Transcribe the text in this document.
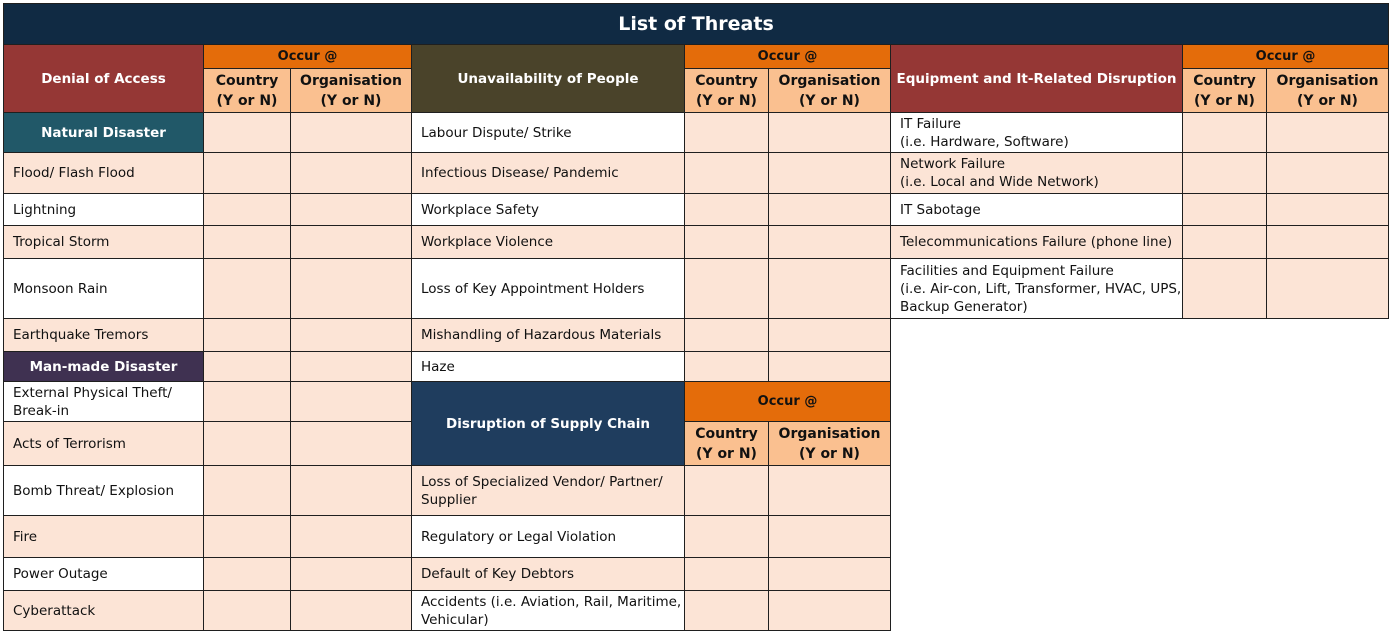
List of Threats
Denial of Access
Occur @
Country
(Y or N)
Organisation
(Y or N)
Unavailability of People
Occur @
Country
(Y or N)
Organisation
(Y or N)
Equipment and It-Related Disruption
Occur @
Country
(Y or N)
Organisation
(Y or N)
Natural Disaster
Flood/ Flash Flood
Lightning
Tropical Storm
Monsoon Rain
Earthquake Tremors
Man-made Disaster
External Physical Theft/
Break-in
Acts of Terrorism
Bomb Threat/ Explosion
Fire
Power Outage
Cyberattack
Labour Dispute/ Strike
Infectious Disease/ Pandemic
Workplace Safety
Workplace Violence
Loss of Key Appointment Holders
Mishandling of Hazardous Materials
Haze
Disruption of Supply Chain
Occur @
Country
(Y or N)
Organisation
(Y or N)
Loss of Specialized Vendor/ Partner/
Supplier
Regulatory or Legal Violation
Default of Key Debtors
Accidents (i.e. Aviation, Rail, Maritime,
Vehicular)
IT Failure
(i.e. Hardware, Software)
Network Failure
(i.e. Local and Wide Network)
IT Sabotage
Telecommunications Failure (phone line)
Facilities and Equipment Failure
(i.e. Air-con, Lift, Transformer, HVAC, UPS,
Backup Generator)
